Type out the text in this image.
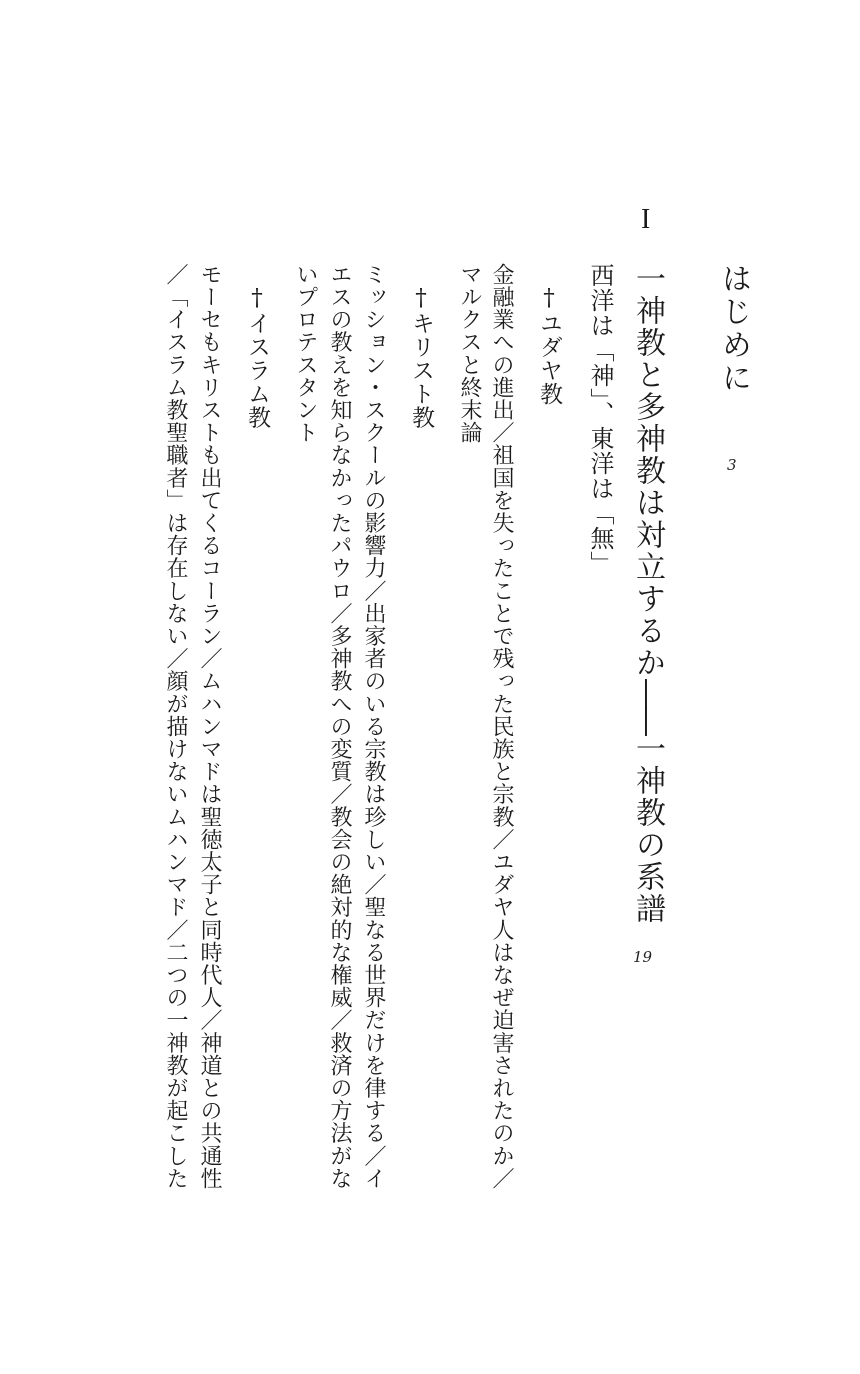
はじめに
3
I
一神教と多神教は対立するか――一神教の系譜
19
西洋は「神」、東洋は「無」
†ユダヤ教
金融業への進出／祖国を失ったことで残った民族と宗教／ユダヤ人はなぜ迫害されたのか／
マルクスと終末論
†キリスト教
ミッション・スクールの影響力／出家者のいる宗教は珍しい／聖なる世界だけを律する／イ
エスの教えを知らなかったパウロ／多神教への変質／教会の絶対的な権威／救済の方法がな
いプロテスタント
†イスラム教
モーセもキリストも出てくるコーラン／ムハンマドは聖徳太子と同時代人／神道との共通性
／「イスラム教聖職者」は存在しない／顔が描けないムハンマド／二つの一神教が起こした
